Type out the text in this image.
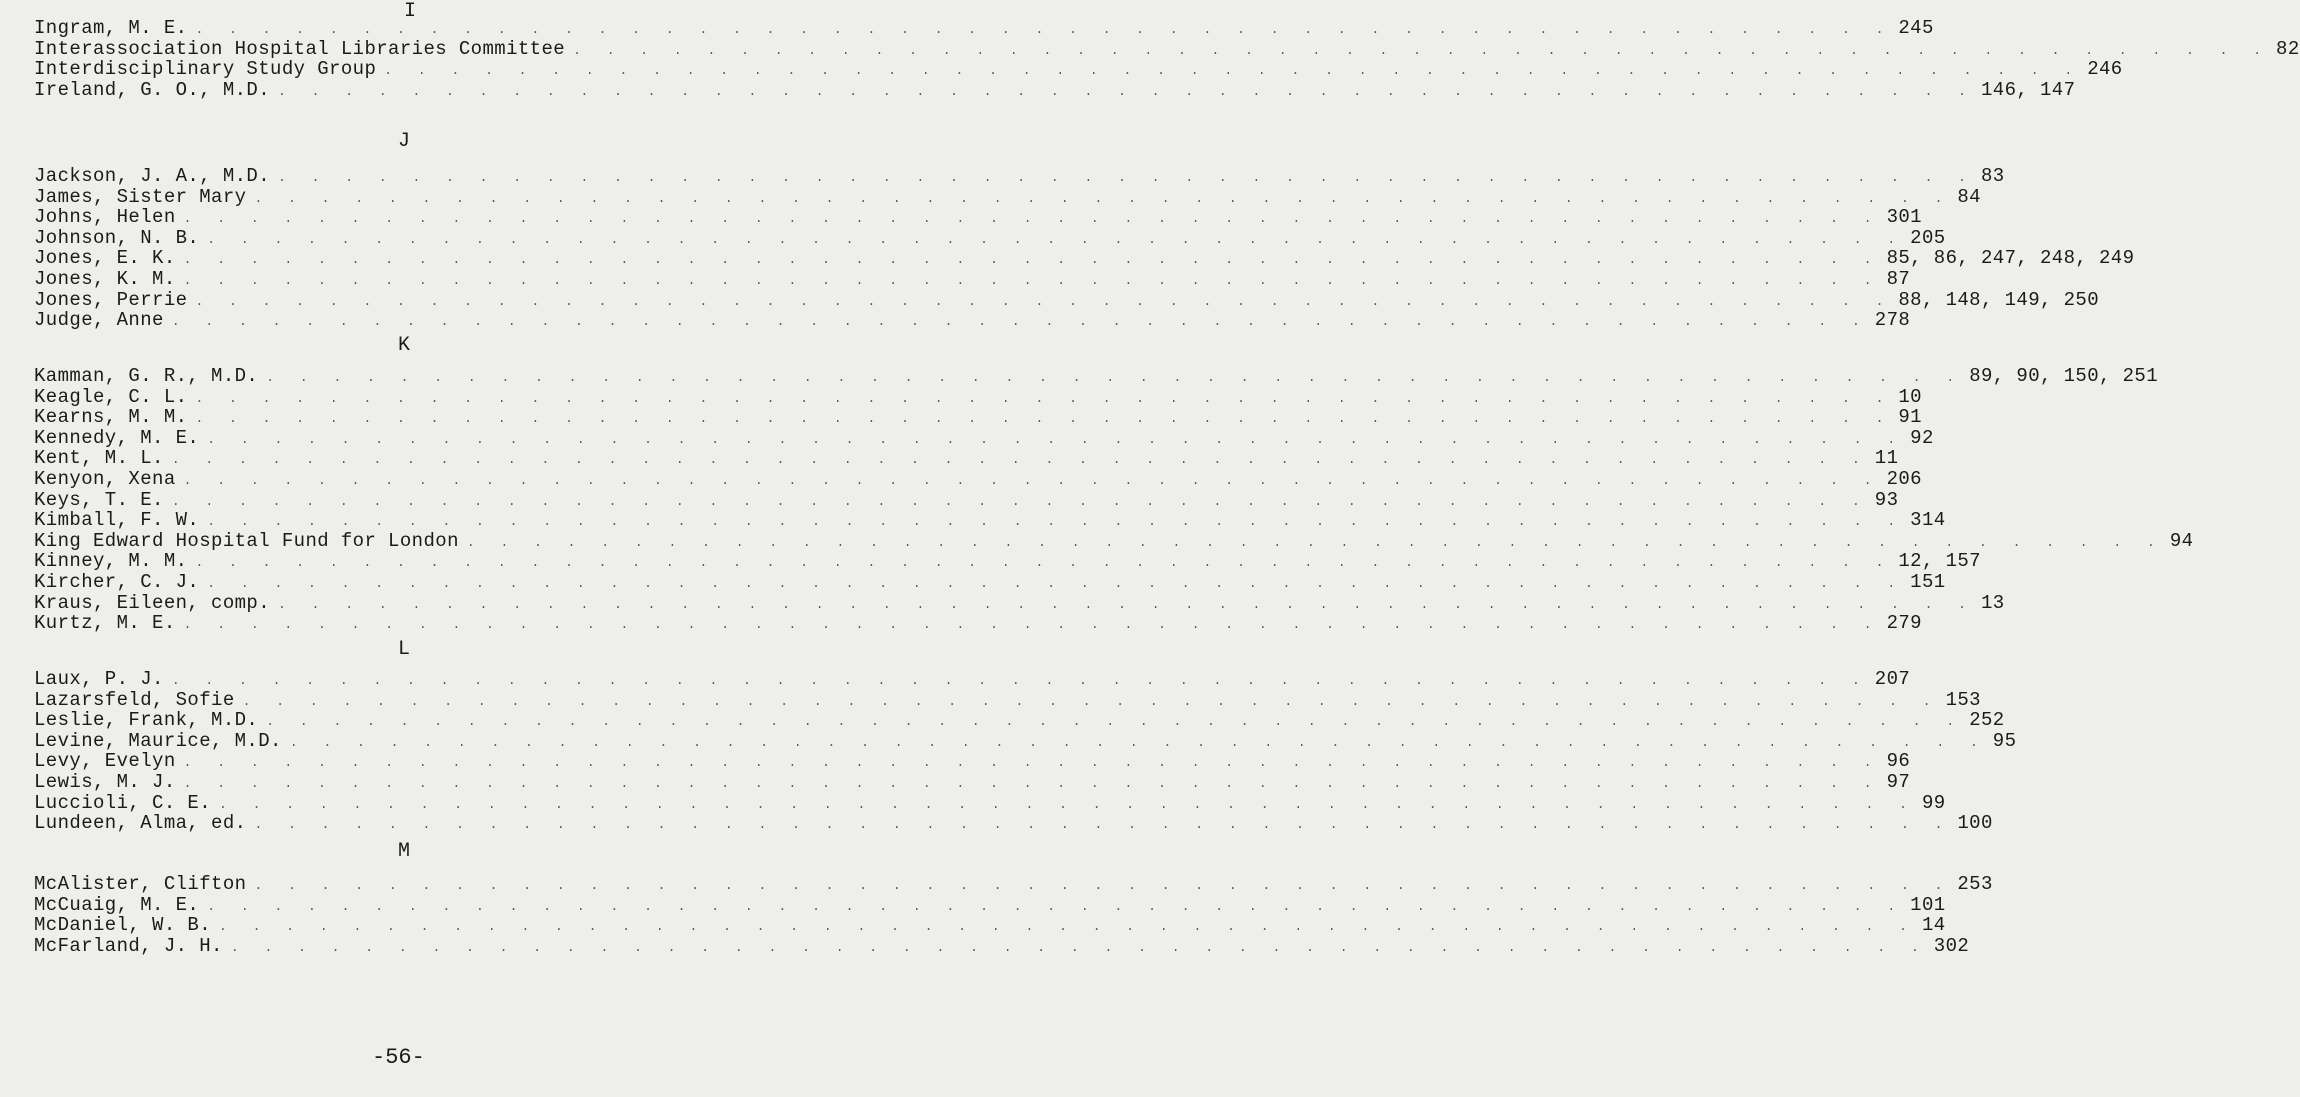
I
Ingram, M. E. . . . . . . . . . . . . . . . . . . . . . . . . . . . . . . . . . . . . . . . . . . . . . . . . . . . 245
Interassociation Hospital Libraries Committee . . . . . . . . . . . . . . . . . . . . . . . . . . . . . . . . . . . . . . . . . . . . . . . . . . . 82
Interdisciplinary Study Group . . . . . . . . . . . . . . . . . . . . . . . . . . . . . . . . . . . . . . . . . . . . . . . . . . . 246
Ireland, G. O., M.D. . . . . . . . . . . . . . . . . . . . . . . . . . . . . . . . . . . . . . . . . . . . . . . . . . . . 146, 147
J
Jackson, J. A., M.D. . . . . . . . . . . . . . . . . . . . . . . . . . . . . . . . . . . . . . . . . . . . . . . . . . . . 83
James, Sister Mary . . . . . . . . . . . . . . . . . . . . . . . . . . . . . . . . . . . . . . . . . . . . . . . . . . . 84
Johns, Helen . . . . . . . . . . . . . . . . . . . . . . . . . . . . . . . . . . . . . . . . . . . . . . . . . . . 301
Johnson, N. B. . . . . . . . . . . . . . . . . . . . . . . . . . . . . . . . . . . . . . . . . . . . . . . . . . . . 205
Jones, E. K. . . . . . . . . . . . . . . . . . . . . . . . . . . . . . . . . . . . . . . . . . . . . . . . . . . . 85, 86, 247, 248, 249
Jones, K. M. . . . . . . . . . . . . . . . . . . . . . . . . . . . . . . . . . . . . . . . . . . . . . . . . . . . 87
Jones, Perrie . . . . . . . . . . . . . . . . . . . . . . . . . . . . . . . . . . . . . . . . . . . . . . . . . . . 88, 148, 149, 250
Judge, Anne . . . . . . . . . . . . . . . . . . . . . . . . . . . . . . . . . . . . . . . . . . . . . . . . . . . 278
K
Kamman, G. R., M.D. . . . . . . . . . . . . . . . . . . . . . . . . . . . . . . . . . . . . . . . . . . . . . . . . . . . 89, 90, 150, 251
Keagle, C. L. . . . . . . . . . . . . . . . . . . . . . . . . . . . . . . . . . . . . . . . . . . . . . . . . . . . 10
Kearns, M. M. . . . . . . . . . . . . . . . . . . . . . . . . . . . . . . . . . . . . . . . . . . . . . . . . . . . 91
Kennedy, M. E. . . . . . . . . . . . . . . . . . . . . . . . . . . . . . . . . . . . . . . . . . . . . . . . . . . . 92
Kent, M. L. . . . . . . . . . . . . . . . . . . . . . . . . . . . . . . . . . . . . . . . . . . . . . . . . . . . 11
Kenyon, Xena . . . . . . . . . . . . . . . . . . . . . . . . . . . . . . . . . . . . . . . . . . . . . . . . . . . 206
Keys, T. E. . . . . . . . . . . . . . . . . . . . . . . . . . . . . . . . . . . . . . . . . . . . . . . . . . . . 93
Kimball, F. W. . . . . . . . . . . . . . . . . . . . . . . . . . . . . . . . . . . . . . . . . . . . . . . . . . . . 314
King Edward Hospital Fund for London . . . . . . . . . . . . . . . . . . . . . . . . . . . . . . . . . . . . . . . . . . . . . . . . . . . 94
Kinney, M. M. . . . . . . . . . . . . . . . . . . . . . . . . . . . . . . . . . . . . . . . . . . . . . . . . . . . 12, 157
Kircher, C. J. . . . . . . . . . . . . . . . . . . . . . . . . . . . . . . . . . . . . . . . . . . . . . . . . . . . 151
Kraus, Eileen, comp. . . . . . . . . . . . . . . . . . . . . . . . . . . . . . . . . . . . . . . . . . . . . . . . . . . . 13
Kurtz, M. E. . . . . . . . . . . . . . . . . . . . . . . . . . . . . . . . . . . . . . . . . . . . . . . . . . . . 279
L
Laux, P. J. . . . . . . . . . . . . . . . . . . . . . . . . . . . . . . . . . . . . . . . . . . . . . . . . . . . 207
Lazarsfeld, Sofie . . . . . . . . . . . . . . . . . . . . . . . . . . . . . . . . . . . . . . . . . . . . . . . . . . . 153
Leslie, Frank, M.D. . . . . . . . . . . . . . . . . . . . . . . . . . . . . . . . . . . . . . . . . . . . . . . . . . . . 252
Levine, Maurice, M.D. . . . . . . . . . . . . . . . . . . . . . . . . . . . . . . . . . . . . . . . . . . . . . . . . . . . 95
Levy, Evelyn . . . . . . . . . . . . . . . . . . . . . . . . . . . . . . . . . . . . . . . . . . . . . . . . . . . 96
Lewis, M. J. . . . . . . . . . . . . . . . . . . . . . . . . . . . . . . . . . . . . . . . . . . . . . . . . . . . 97
Luccioli, C. E. . . . . . . . . . . . . . . . . . . . . . . . . . . . . . . . . . . . . . . . . . . . . . . . . . . . 99
Lundeen, Alma, ed. . . . . . . . . . . . . . . . . . . . . . . . . . . . . . . . . . . . . . . . . . . . . . . . . . . . 100
M
McAlister, Clifton . . . . . . . . . . . . . . . . . . . . . . . . . . . . . . . . . . . . . . . . . . . . . . . . . . . 253
McCuaig, M. E. . . . . . . . . . . . . . . . . . . . . . . . . . . . . . . . . . . . . . . . . . . . . . . . . . . . 101
McDaniel, W. B. . . . . . . . . . . . . . . . . . . . . . . . . . . . . . . . . . . . . . . . . . . . . . . . . . . . 14
McFarland, J. H. . . . . . . . . . . . . . . . . . . . . . . . . . . . . . . . . . . . . . . . . . . . . . . . . . . . 302
-56-
